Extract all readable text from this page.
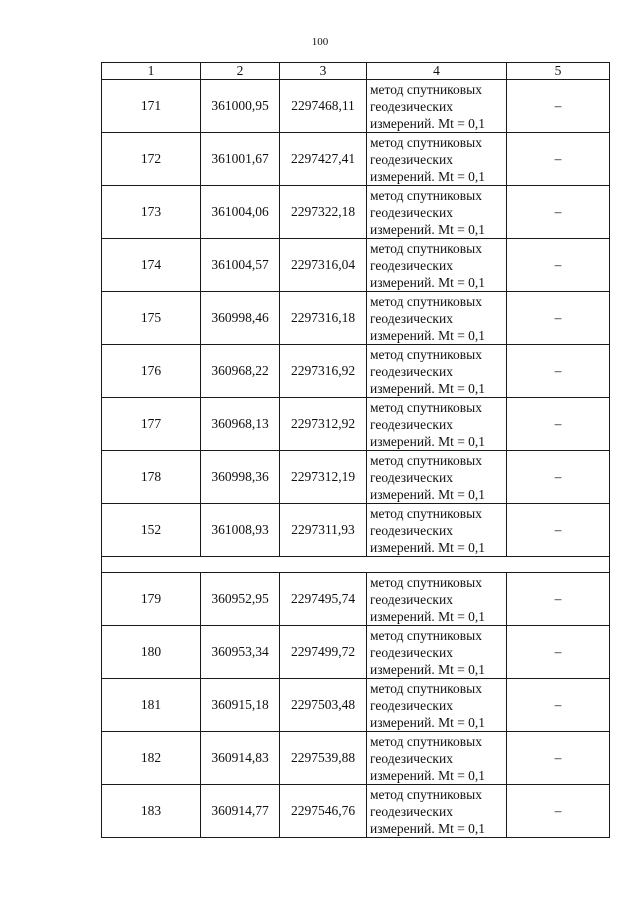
100
1	2	3	4	5
171	361000,95	2297468,11	метод спутниковых
геодезических
измерений. Mt = 0,1	–
172	361001,67	2297427,41	метод спутниковых
геодезических
измерений. Mt = 0,1	–
173	361004,06	2297322,18	метод спутниковых
геодезических
измерений. Mt = 0,1	–
174	361004,57	2297316,04	метод спутниковых
геодезических
измерений. Mt = 0,1	–
175	360998,46	2297316,18	метод спутниковых
геодезических
измерений. Mt = 0,1	–
176	360968,22	2297316,92	метод спутниковых
геодезических
измерений. Mt = 0,1	–
177	360968,13	2297312,92	метод спутниковых
геодезических
измерений. Mt = 0,1	–
178	360998,36	2297312,19	метод спутниковых
геодезических
измерений. Mt = 0,1	–
152	361008,93	2297311,93	метод спутниковых
геодезических
измерений. Mt = 0,1	–

179	360952,95	2297495,74	метод спутниковых
геодезических
измерений. Mt = 0,1	–
180	360953,34	2297499,72	метод спутниковых
геодезических
измерений. Mt = 0,1	–
181	360915,18	2297503,48	метод спутниковых
геодезических
измерений. Mt = 0,1	–
182	360914,83	2297539,88	метод спутниковых
геодезических
измерений. Mt = 0,1	–
183	360914,77	2297546,76	метод спутниковых
геодезических
измерений. Mt = 0,1	–
